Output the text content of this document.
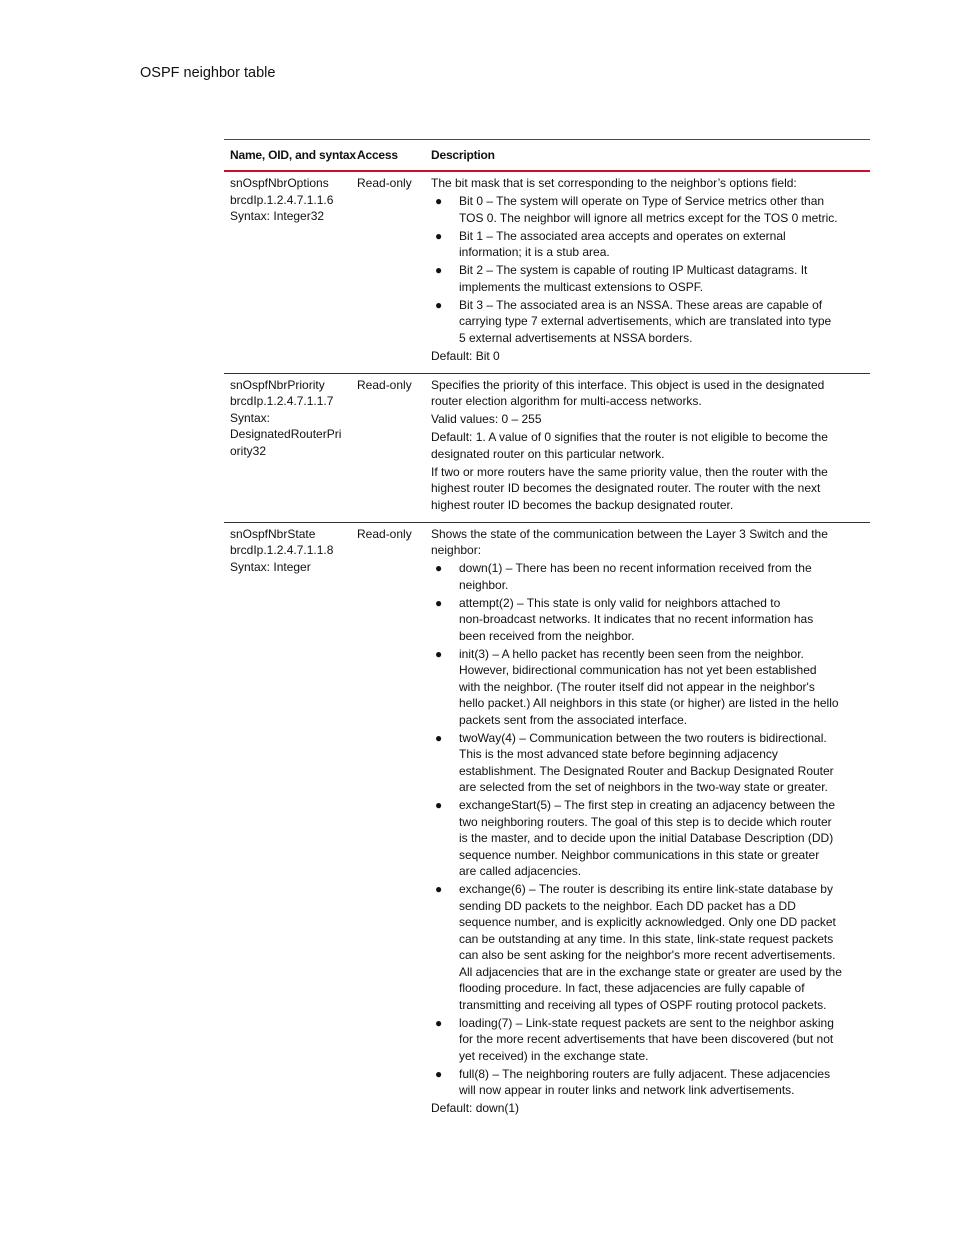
OSPF neighbor table
Name, OID, and syntax Access	Description
snOspfNbrOptions
brcdIp.1.2.4.7.1.1.6
Syntax: Integer32
Read-only	The bit mask that is set corresponding to the neighbor’s options field:

● Bit 0 – The system will operate on Type of Service metrics other than
TOS 0. The neighbor will ignore all metrics except for the TOS 0 metric.
● Bit 1 – The associated area accepts and operates on external
information; it is a stub area.
● Bit 2 – The system is capable of routing IP Multicast datagrams. It
implements the multicast extensions to OSPF.
● Bit 3 – The associated area is an NSSA. These areas are capable of
carrying type 7 external advertisements, which are translated into type
5 external advertisements at NSSA borders.

Default: Bit 0

snOspfNbrPriority
brcdIp.1.2.4.7.1.1.7
Syntax:
DesignatedRouterPri
ority32
Read-only	Specifies the priority of this interface. This object is used in the designated
router election algorithm for multi-access networks.

Valid values: 0 – 255

Default: 1. A value of 0 signifies that the router is not eligible to become the
designated router on this particular network.

If two or more routers have the same priority value, then the router with the
highest router ID becomes the designated router. The router with the next
highest router ID becomes the backup designated router.

snOspfNbrState
brcdIp.1.2.4.7.1.1.8
Syntax: Integer
Read-only	Shows the state of the communication between the Layer 3 Switch and the
neighbor:

● down(1) – There has been no recent information received from the
neighbor.
● attempt(2) – This state is only valid for neighbors attached to
non-broadcast networks. It indicates that no recent information has
been received from the neighbor.
● init(3) – A hello packet has recently been seen from the neighbor.
However, bidirectional communication has not yet been established
with the neighbor. (The router itself did not appear in the neighbor's
hello packet.) All neighbors in this state (or higher) are listed in the hello
packets sent from the associated interface.
● twoWay(4) – Communication between the two routers is bidirectional.
This is the most advanced state before beginning adjacency
establishment. The Designated Router and Backup Designated Router
are selected from the set of neighbors in the two-way state or greater.
● exchangeStart(5) – The first step in creating an adjacency between the
two neighboring routers. The goal of this step is to decide which router
is the master, and to decide upon the initial Database Description (DD)
sequence number. Neighbor communications in this state or greater
are called adjacencies.
● exchange(6) – The router is describing its entire link-state database by
sending DD packets to the neighbor. Each DD packet has a DD
sequence number, and is explicitly acknowledged. Only one DD packet
can be outstanding at any time. In this state, link-state request packets
can also be sent asking for the neighbor's more recent advertisements.
All adjacencies that are in the exchange state or greater are used by the
flooding procedure. In fact, these adjacencies are fully capable of
transmitting and receiving all types of OSPF routing protocol packets.
● loading(7) – Link-state request packets are sent to the neighbor asking
for the more recent advertisements that have been discovered (but not
yet received) in the exchange state.
● full(8) – The neighboring routers are fully adjacent. These adjacencies
will now appear in router links and network link advertisements.

Default: down(1)
